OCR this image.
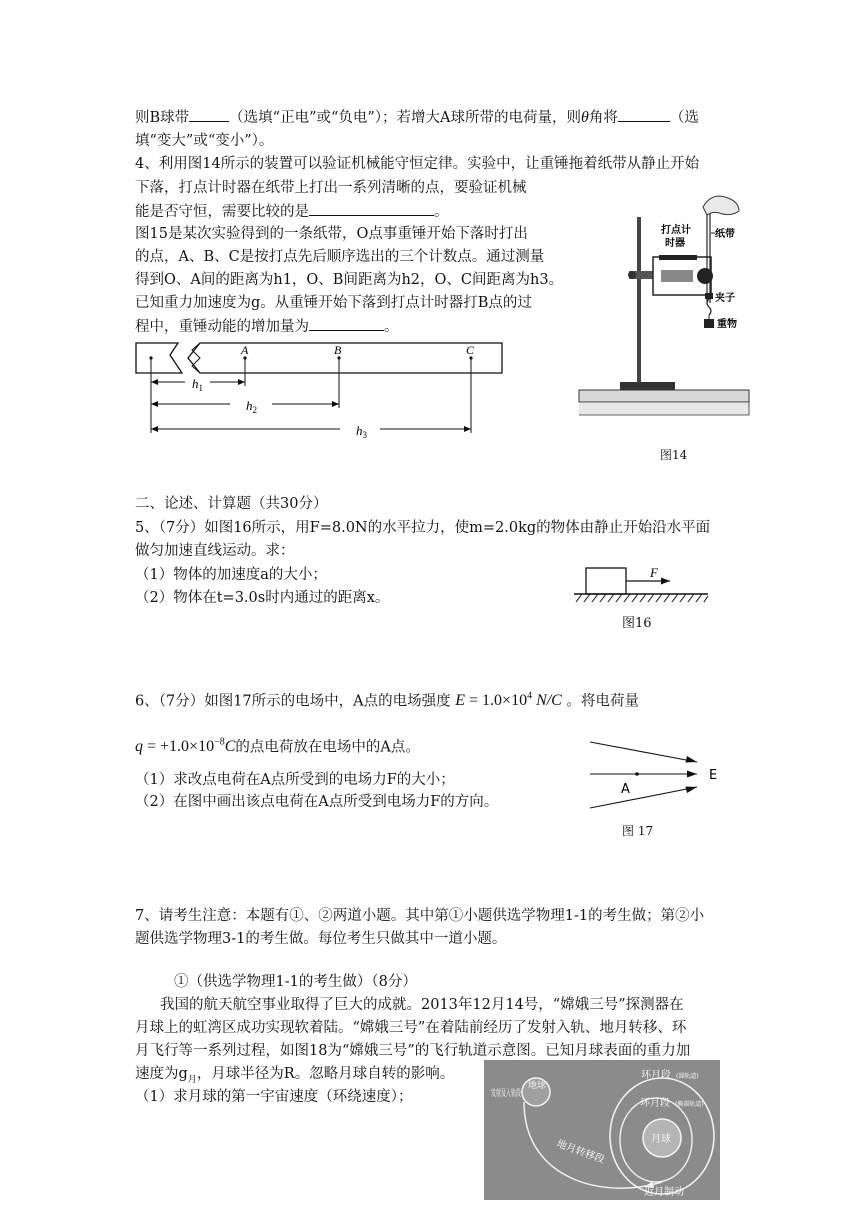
则B球带	（选填“正电”或“负电”）；若增大A球所带的电荷量，则θ角将	（选
填“变大”或“变小”）。
4、利用图14所示的装置可以验证机械能守恒定律。实验中，让重锤拖着纸带从静止开始
下落，打点计时器在纸带上打出一系列清晰的点，要验证机械
能是否守恒，需要比较的是	。
图15是某次实验得到的一条纸带，O点事重锤开始下落时打出
的点，A、B、C是按打点先后顺序选出的三个计数点。通过测量
得到O、A间的距离为h1，O、B间距离为h2，O、C间距离为h3。
已知重力加速度为g。从重锤开始下落到打点计时器打B点的过
程中，重锤动能的增加量为	。
A	B	C
$h_1$
$h_2$
$h_3$
打点计
时器
纸带
夹子
重物
图14
二、论述、计算题（共30分）
5、（7分）如图16所示，用F=8.0N的水平拉力，使m=2.0kg的物体由静止开始沿水平面
做匀加速直线运动。求：
（1）物体的加速度a的大小；
（2）物体在t=3.0s时内通过的距离x。
F
图16
6、（7分）如图17所示的电场中，A点的电场强度 $E = 1.0\times 10^4$ N/C 。将电荷量
$q = +1.0\times 10^{-8}C$的点电荷放在电场中的A点。
（1）求改点电荷在A点所受到的电场力F的大小；
（2）在图中画出该点电荷在A点所受到电场力F的方向。
A
E
图 17
7、请考生注意：本题有①、②两道小题。其中第①小题供选学物理1-1的考生做；第②小
题供选学物理3-1的考生做。每位考生只做其中一道小题。
①（供选学物理1-1的考生做）（8分）
我国的航天航空事业取得了巨大的成就。2013年12月14号，“嫦娥三号”探测器在
月球上的虹湾区成功实现软着陆。“嫦娥三号”在着陆前经历了发射入轨、地月转移、环
月飞行等一系列过程，如图18为“嫦娥三号”的飞行轨道示意图。已知月球表面的重力加
速度为$g_月$，月球半径为R。忽略月球自转的影响。
（1）求月球的第一宇宙速度（环绕速度）；
地球
发射及入轨段
地月转移段
环月段 (圆轨道)
环月段 (椭圆轨道)
月球
近月制动
